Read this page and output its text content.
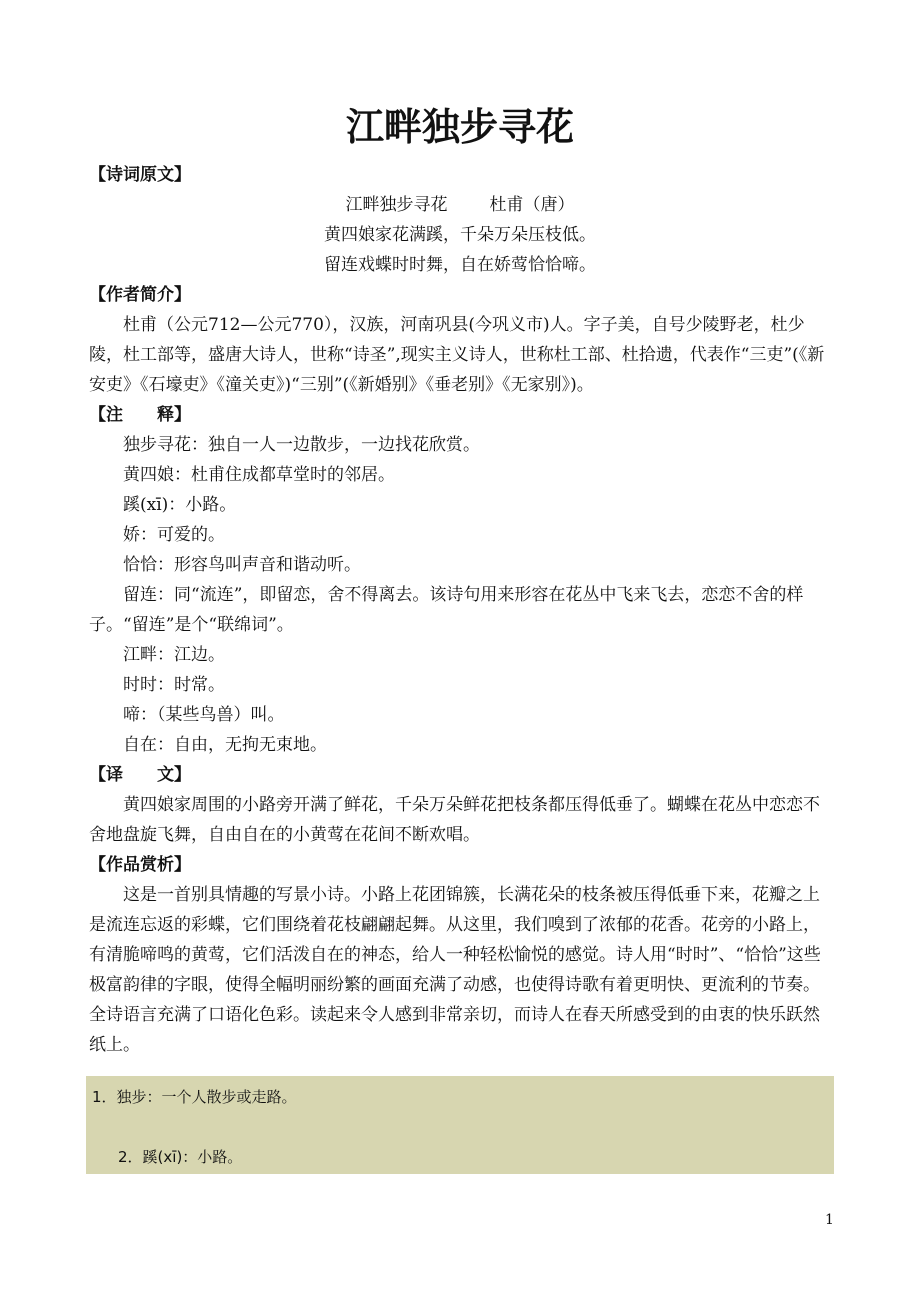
江畔独步寻花
【诗词原文】
江畔独步寻花 杜甫（唐）
黄四娘家花满蹊，千朵万朵压枝低。
留连戏蝶时时舞，自在娇莺恰恰啼。
【作者简介】
杜甫（公元712—公元770），汉族，河南巩县(今巩义市)人。字子美，自号少陵野老，杜少陵，杜工部等，盛唐大诗人，世称“诗圣”,现实主义诗人，世称杜工部、杜拾遗，代表作“三吏”(《新安吏》《石壕吏》《潼关吏》)“三别”(《新婚别》《垂老别》《无家别》)。
【注　　释】
独步寻花：独自一人一边散步，一边找花欣赏。
黄四娘：杜甫住成都草堂时的邻居。
蹊(xī)：小路。
娇：可爱的。
恰恰：形容鸟叫声音和谐动听。
留连：同“流连”，即留恋，舍不得离去。该诗句用来形容在花丛中飞来飞去，恋恋不舍的样子。“留连”是个“联绵词”。
江畔：江边。
时时：时常。
啼：（某些鸟兽）叫。
自在：自由，无拘无束地。
【译　　文】
黄四娘家周围的小路旁开满了鲜花，千朵万朵鲜花把枝条都压得低垂了。蝴蝶在花丛中恋恋不舍地盘旋飞舞，自由自在的小黄莺在花间不断欢唱。
【作品赏析】
这是一首别具情趣的写景小诗。小路上花团锦簇，长满花朵的枝条被压得低垂下来，花瓣之上是流连忘返的彩蝶，它们围绕着花枝翩翩起舞。从这里，我们嗅到了浓郁的花香。花旁的小路上，有清脆啼鸣的黄莺，它们活泼自在的神态，给人一种轻松愉悦的感觉。诗人用“时时”、“恰恰”这些极富韵律的字眼，使得全幅明丽纷繁的画面充满了动感，也使得诗歌有着更明快、更流利的节奏。全诗语言充满了口语化色彩。读起来令人感到非常亲切，而诗人在春天所感受到的由衷的快乐跃然纸上。
1．独步：一个人散步或走路。
2．蹊(xī)：小路。
1
